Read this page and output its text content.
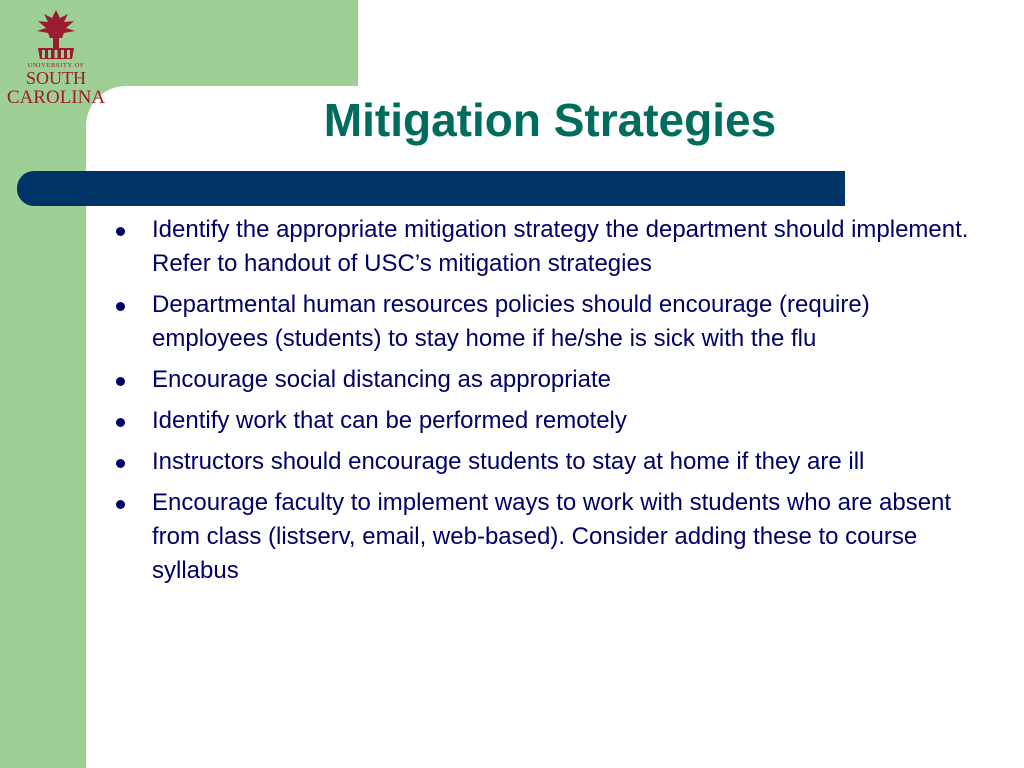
UNIVERSITY OF
SOUTH
CAROLINA	Mitigation Strategies
Identify the appropriate mitigation strategy the department should implement. Refer to handout of USC’s mitigation strategies
Departmental human resources policies should encourage (require) employees (students) to stay home if he/she is sick with the flu
Encourage social distancing as appropriate
Identify work that can be performed remotely
Instructors should encourage students to stay at home if they are ill
Encourage faculty to implement ways to work with students who are absent from class (listserv, email, web-based). Consider adding these to course syllabus
